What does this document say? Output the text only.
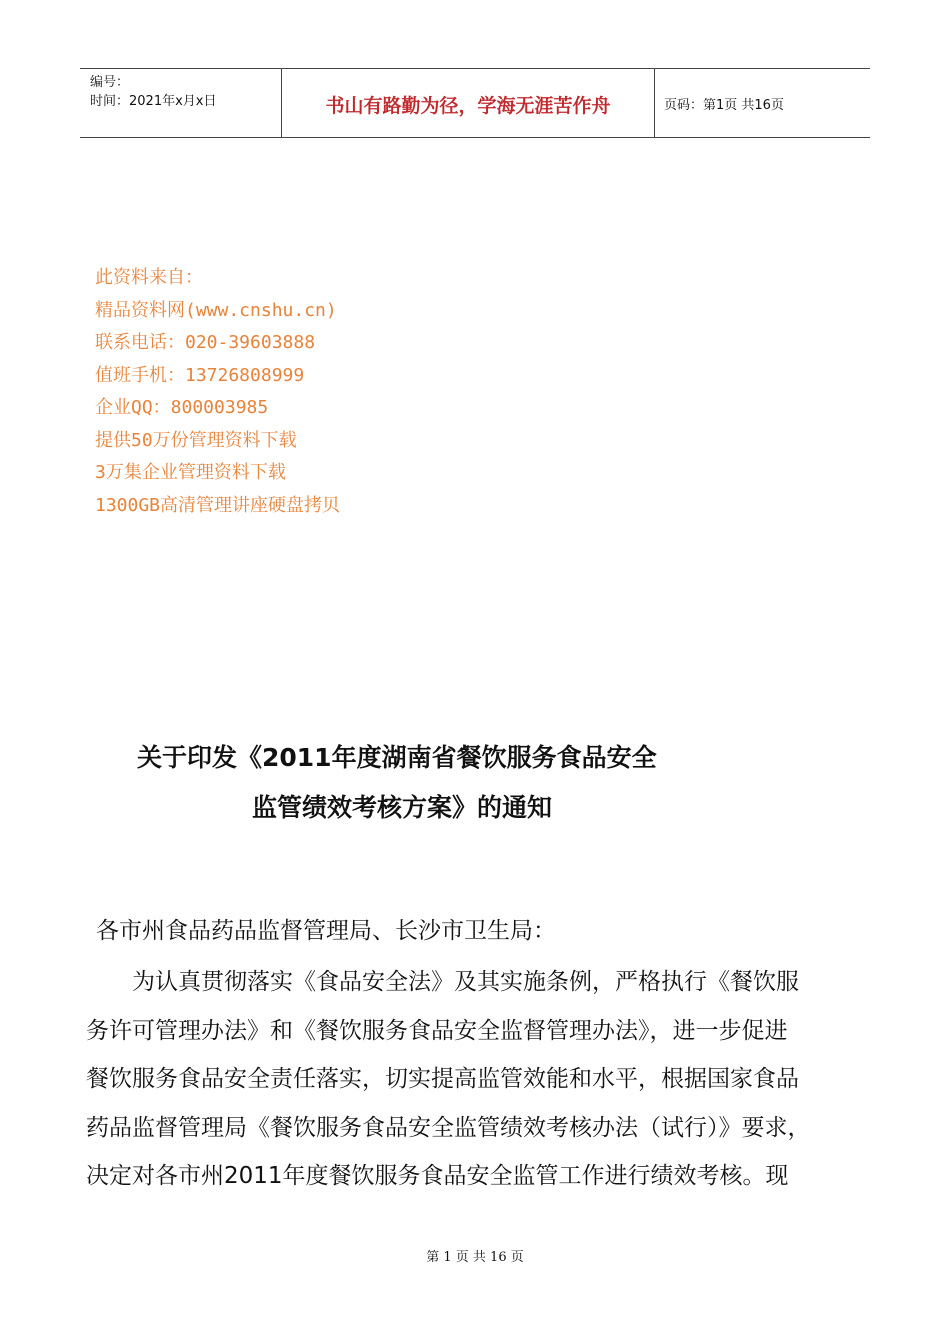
编号：
时间：2021年x月x日	书山有路勤为径，学海无涯苦作舟	页码：第1页 共16页
此资料来自：
精品资料网(www.cnshu.cn)
联系电话：020-39603888
值班手机：13726808999
企业QQ：800003985
提供50万份管理资料下载
3万集企业管理资料下载
1300GB高清管理讲座硬盘拷贝
关于印发《2011年度湖南省餐饮服务食品安全
监管绩效考核方案》的通知
各市州食品药品监督管理局、长沙市卫生局：
为认真贯彻落实《食品安全法》及其实施条例，严格执行《餐饮服
务许可管理办法》和《餐饮服务食品安全监督管理办法》，进一步促进
餐饮服务食品安全责任落实，切实提高监管效能和水平，根据国家食品
药品监督管理局《餐饮服务食品安全监管绩效考核办法（试行）》要求，
决定对各市州2011年度餐饮服务食品安全监管工作进行绩效考核。现
第 1 页 共 16 页
